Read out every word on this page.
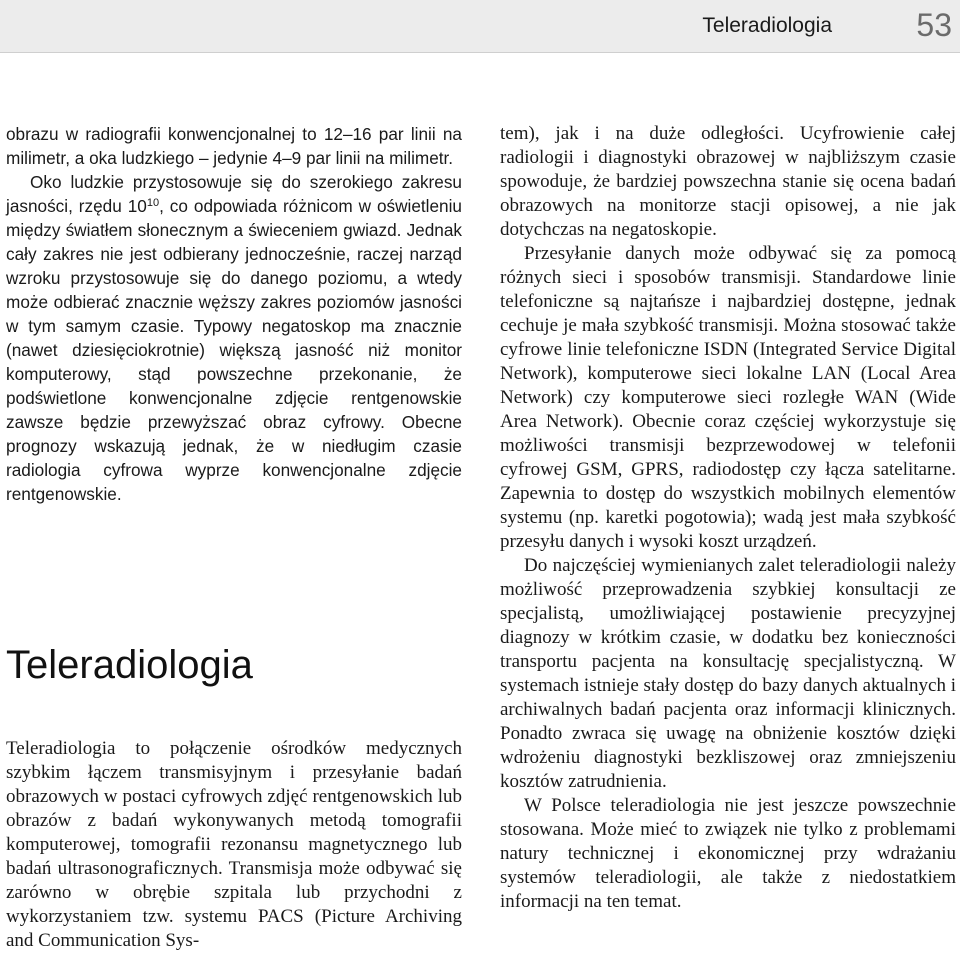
Teleradiologia	53

obrazu w radiografii konwencjonalnej to 12–16 par linii na milimetr, a oka ludzkiego – jedynie 4–9 par linii na milimetr.

Oko ludzkie przystosowuje się do szerokiego zakresu jasności, rzędu $10^{10}$, co odpowiada różnicom w oświetleniu między światłem słonecznym a świeceniem gwiazd. Jednak cały zakres nie jest odbierany jednocześnie, raczej narząd wzroku przystosowuje się do danego poziomu, a wtedy może odbierać znacznie węższy zakres poziomów jasności w tym samym czasie. Typowy negatoskop ma znacznie (nawet dziesięciokrotnie) większą jasność niż monitor komputerowy, stąd powszechne przekonanie, że podświetlone konwencjonalne zdjęcie rentgenowskie zawsze będzie przewyższać obraz cyfrowy. Obecne prognozy wskazują jednak, że w niedługim czasie radiologia cyfrowa wyprze konwencjonalne zdjęcie rentgenowskie.

Teleradiologia

Teleradiologia to połączenie ośrodków medycznych szybkim łączem transmisyjnym i przesyłanie badań obrazowych w postaci cyfrowych zdjęć rentgenowskich lub obrazów z badań wykonywanych metodą tomografii komputerowej, tomografii rezonansu magnetycznego lub badań ultrasonograficznych. Transmisja może odbywać się zarówno w obrębie szpitala lub przychodni z wykorzystaniem tzw. systemu PACS (Picture Archiving and Communication Sys-

tem), jak i na duże odległości. Ucyfrowienie całej radiologii i diagnostyki obrazowej w najbliższym czasie spowoduje, że bardziej powszechna stanie się ocena badań obrazowych na monitorze stacji opisowej, a nie jak dotychczas na negatoskopie.

Przesyłanie danych może odbywać się za pomocą różnych sieci i sposobów transmisji. Standardowe linie telefoniczne są najtańsze i najbardziej dostępne, jednak cechuje je mała szybkość transmisji. Można stosować także cyfrowe linie telefoniczne ISDN (Integrated Service Digital Network), komputerowe sieci lokalne LAN (Local Area Network) czy komputerowe sieci rozległe WAN (Wide Area Network). Obecnie coraz częściej wykorzystuje się możliwości transmisji bezprzewodowej w telefonii cyfrowej GSM, GPRS, radiodostęp czy łącza satelitarne. Zapewnia to dostęp do wszystkich mobilnych elementów systemu (np. karetki pogotowia); wadą jest mała szybkość przesyłu danych i wysoki koszt urządzeń.

Do najczęściej wymienianych zalet teleradiologii należy możliwość przeprowadzenia szybkiej konsultacji ze specjalistą, umożliwiającej postawienie precyzyjnej diagnozy w krótkim czasie, w dodatku bez konieczności transportu pacjenta na konsultację specjalistyczną. W systemach istnieje stały dostęp do bazy danych aktualnych i archiwalnych badań pacjenta oraz informacji klinicznych. Ponadto zwraca się uwagę na obniżenie kosztów dzięki wdrożeniu diagnostyki bezkliszowej oraz zmniejszeniu kosztów zatrudnienia.

W Polsce teleradiologia nie jest jeszcze powszechnie stosowana. Może mieć to związek nie tylko z problemami natury technicznej i ekonomicznej przy wdrażaniu systemów teleradiologii, ale także z niedostatkiem informacji na ten temat.
